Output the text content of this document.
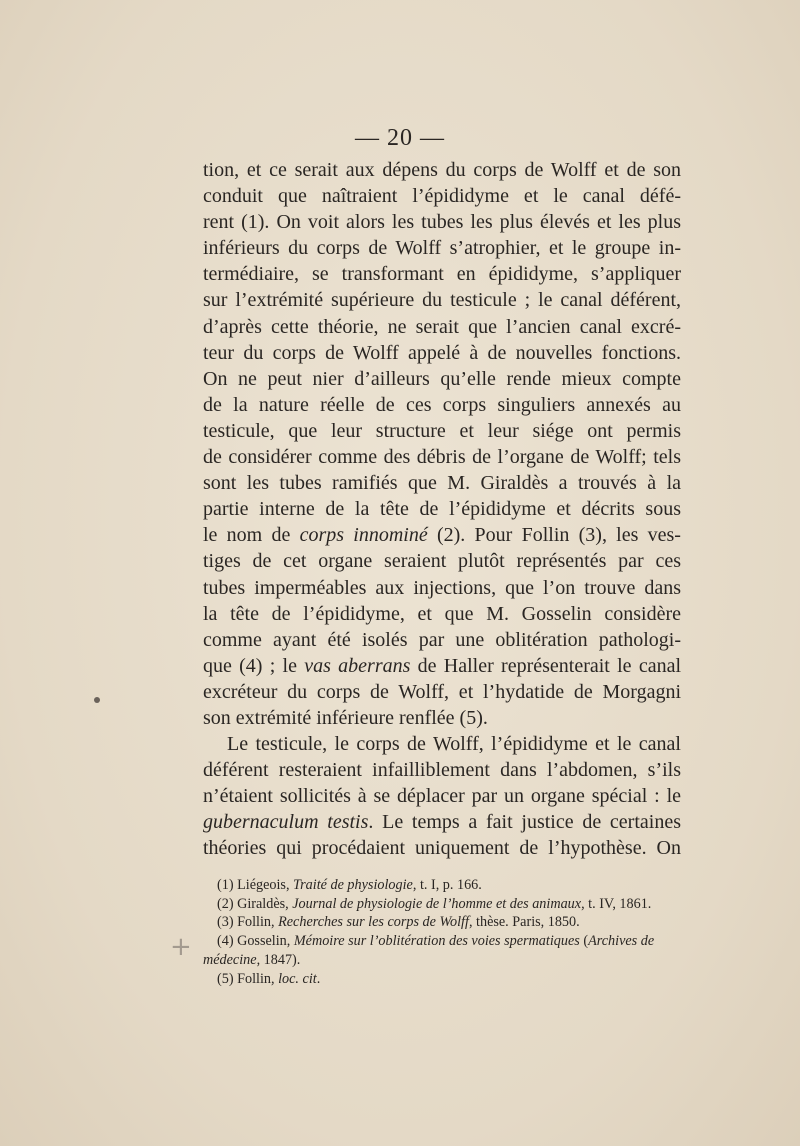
— 20 —
tion, et ce serait aux dépens du corps de Wolff et de son
conduit que naîtraient l’épididyme et le canal défé-
rent (1). On voit alors les tubes les plus élevés et les plus
inférieurs du corps de Wolff s’atrophier, et le groupe in-
termédiaire, se transformant en épididyme, s’appliquer
sur l’extrémité supérieure du testicule ; le canal déférent,
d’après cette théorie, ne serait que l’ancien canal excré-
teur du corps de Wolff appelé à de nouvelles fonctions.
On ne peut nier d’ailleurs qu’elle rende mieux compte
de la nature réelle de ces corps singuliers annexés au
testicule, que leur structure et leur siége ont permis
de considérer comme des débris de l’organe de Wolff; tels
sont les tubes ramifiés que M. Giraldès a trouvés à la
partie interne de la tête de l’épididyme et décrits sous
le nom de corps innominé (2). Pour Follin (3), les ves-
tiges de cet organe seraient plutôt représentés par ces
tubes imperméables aux injections, que l’on trouve dans
la tête de l’épididyme, et que M. Gosselin considère
comme ayant été isolés par une oblitération pathologi-
que (4) ; le vas aberrans de Haller représenterait le canal
excréteur du corps de Wolff, et l’hydatide de Morgagni
son extrémité inférieure renflée (5).
Le testicule, le corps de Wolff, l’épididyme et le canal
déférent resteraient infailliblement dans l’abdomen, s’ils
n’étaient sollicités à se déplacer par un organe spécial : le
gubernaculum testis. Le temps a fait justice de certaines
théories qui procédaient uniquement de l’hypothèse. On
(1) Liégeois, Traité de physiologie, t. I, p. 166.
(2) Giraldès, Journal de physiologie de l’homme et des animaux, t. IV, 1861.
(3) Follin, Recherches sur les corps de Wolff, thèse. Paris, 1850.
(4) Gosselin, Mémoire sur l’oblitération des voies spermatiques (Archives de
médecine, 1847).
(5) Follin, loc. cit.
+
